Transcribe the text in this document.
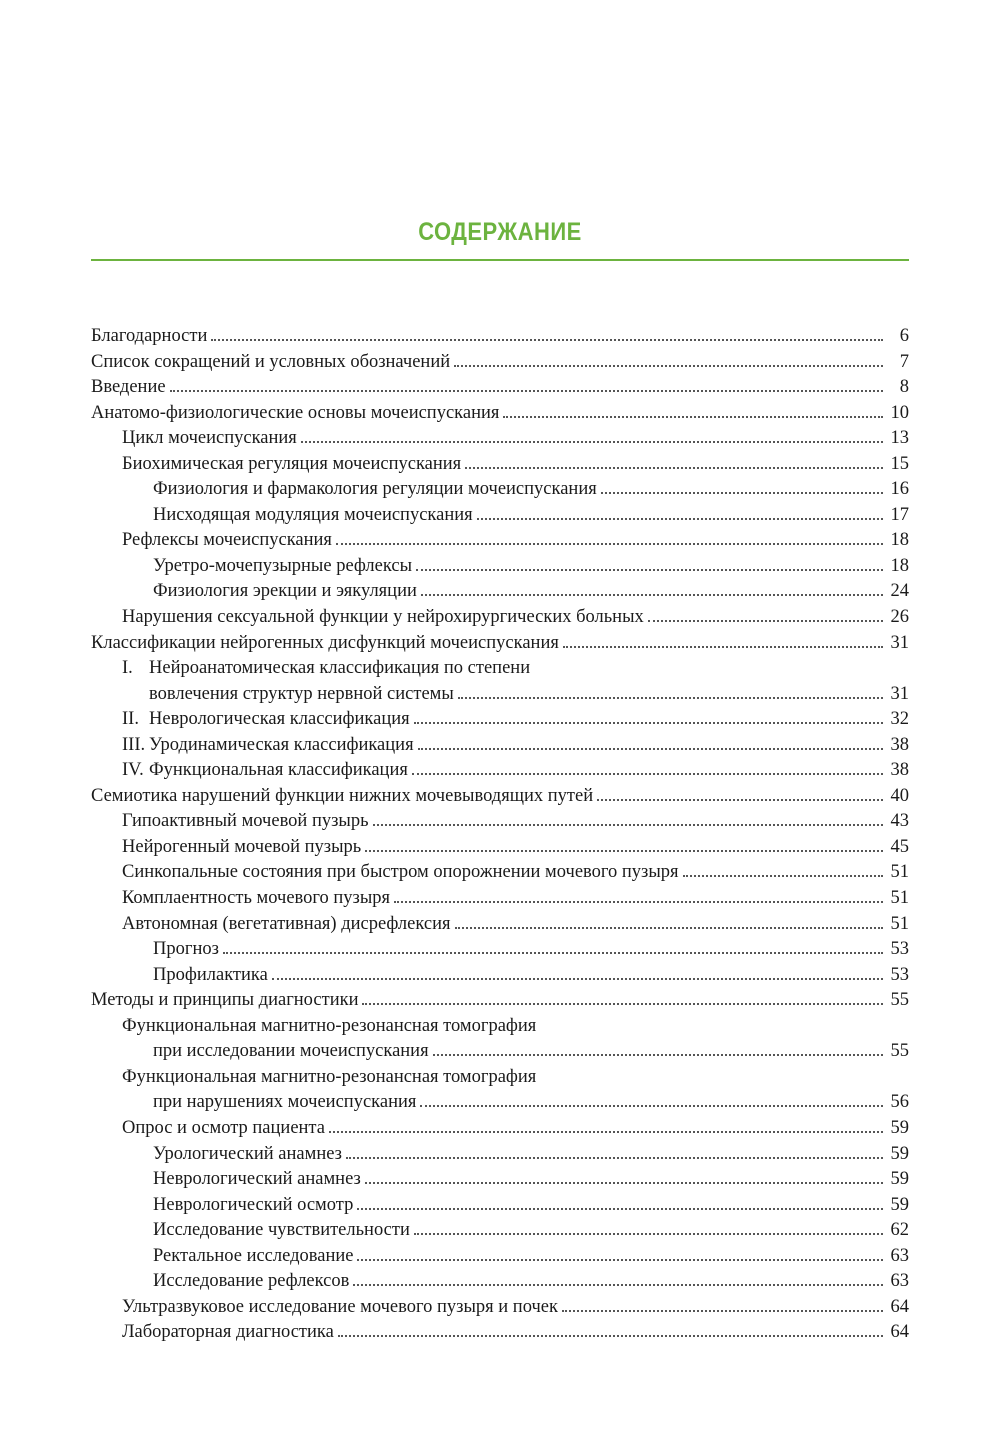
СОДЕРЖАНИЕ
Благодарности	6
Список сокращений и условных обозначений	7
Введение	8
Анатомо-физиологические основы мочеиспускания	10
Цикл мочеиспускания	13
Биохимическая регуляция мочеиспускания	15
Физиология и фармакология регуляции мочеиспускания	16
Нисходящая модуляция мочеиспускания	17
Рефлексы мочеиспускания	18
Уретро-мочепузырные рефлексы	18
Физиология эрекции и эякуляции	24
Нарушения сексуальной функции у нейрохирургических больных	26
Классификации нейрогенных дисфункций мочеиспускания	31
I. Нейроанатомическая классификация по степени
вовлечения структур нервной системы	31
II. Неврологическая классификация	32
III. Уродинамическая классификация	38
IV. Функциональная классификация	38
Семиотика нарушений функции нижних мочевыводящих путей	40
Гипоактивный мочевой пузырь	43
Нейрогенный мочевой пузырь	45
Синкопальные состояния при быстром опорожнении мочевого пузыря	51
Комплаентность мочевого пузыря	51
Автономная (вегетативная) дисрефлексия	51
Прогноз	53
Профилактика	53
Методы и принципы диагностики	55
Функциональная магнитно-резонансная томография
при исследовании мочеиспускания	55
Функциональная магнитно-резонансная томография
при нарушениях мочеиспускания	56
Опрос и осмотр пациента	59
Урологический анамнез	59
Неврологический анамнез	59
Неврологический осмотр	59
Исследование чувствительности	62
Ректальное исследование	63
Исследование рефлексов	63
Ультразвуковое исследование мочевого пузыря и почек	64
Лабораторная диагностика	64
